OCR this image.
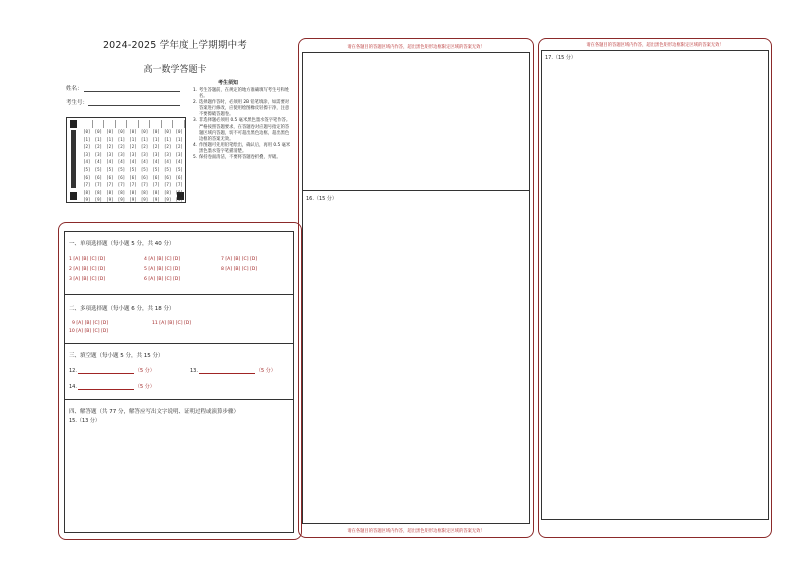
2024-2025 学年度上学期期中考
高一数学答题卡
姓名：
考生号：
[0]	[0]	[0]	[0]	[0]	[0]	[0]	[0]	[0]
[1]	[1]	[1]	[1]	[1]	[1]	[1]	[1]	[1]
[2]	[2]	[2]	[2]	[2]	[2]	[2]	[2]	[2]
[3]	[3]	[3]	[3]	[3]	[3]	[3]	[3]	[3]
[4]	[4]	[4]	[4]	[4]	[4]	[4]	[4]	[4]
[5]	[5]	[5]	[5]	[5]	[5]	[5]	[5]	[5]
[6]	[6]	[6]	[6]	[6]	[6]	[6]	[6]	[6]
[7]	[7]	[7]	[7]	[7]	[7]	[7]	[7]	[7]
[8]	[8]	[8]	[8]	[8]	[8]	[8]	[8]	[8]
[9]	[9]	[9]	[9]	[9]	[9]	[9]	[9]	[9]
考生须知
1. 考生答题前，在规定的地方准确填写考生号和姓名。
2. 选择题作答时，必须用 2B 铅笔填涂，如需要对答案进行修改，应使用绘图橡皮轻擦干净，注意不要擦破答题卷。
3. 非选择题必须用 0.5 毫米黑色墨水签字笔作答。严格按照答题要求，在答题卷对应题号指定的答题区域内答题，切不可超出黑色边框，超出黑色边框的答案无效。
4. 作图题可先用铅笔绘出，确认后，再用 0.5 毫米黑色墨水签字笔描清楚。
5. 保持卷面清洁，不要将答题卷折叠，弄破。
一、单项选择题（每小题 5 分，共 40 分）
1 [A] [B] [C] [D]	4 [A] [B] [C] [D]	7 [A] [B] [C] [D]
2 [A] [B] [C] [D]	5 [A] [B] [C] [D]	8 [A] [B] [C] [D]
3 [A] [B] [C] [D]	6 [A] [B] [C] [D]
二、多项选择题（每小题 6 分，共 18 分）
9 [A] [B] [C] [D]	11 [A] [B] [C] [D]
10 [A] [B] [C] [D]
三、填空题（每小题 5 分，共 15 分）
12.	（5 分）	13.	（5 分）
14.	（5 分）
四、解答题（共 77 分，解答应写出文字说明、证明过程或演算步骤）
15.（13 分）
请在各题目的答题区域内作答，超出黑色矩形边框限定区域的答案无效！
16.（15 分）
请在各题目的答题区域内作答，超出黑色矩形边框限定区域的答案无效！
请在各题目的答题区域内作答，超出黑色矩形边框限定区域的答案无效！
17.（15 分）
